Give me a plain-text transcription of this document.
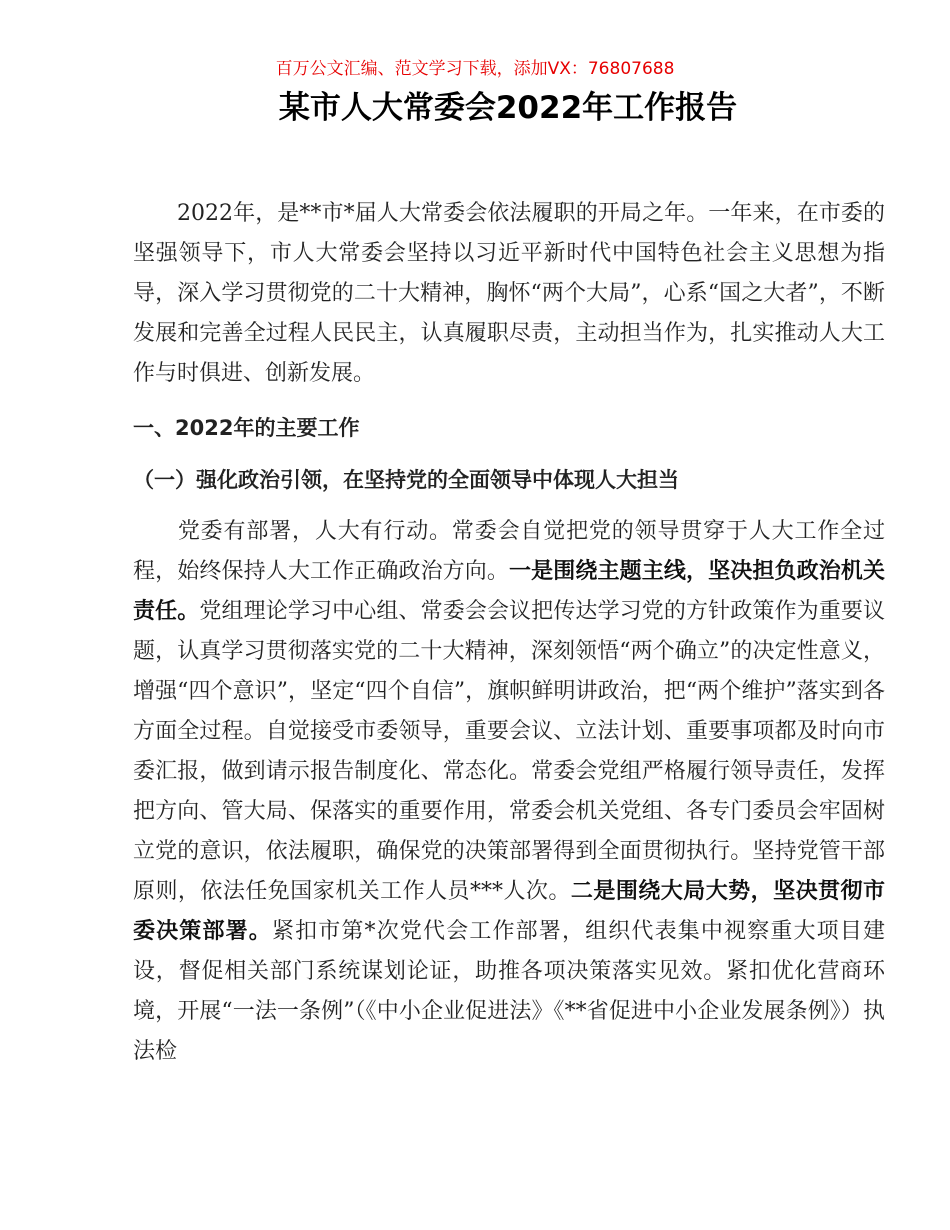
百万公文汇编、范文学习下载，添加VX：76807688
某市人大常委会2022年工作报告
2022年，是**市*届人大常委会依法履职的开局之年。一年来，在市委的坚强领导下，市人大常委会坚持以习近平新时代中国特色社会主义思想为指导，深入学习贯彻党的二十大精神，胸怀“两个大局”，心系“国之大者”，不断发展和完善全过程人民民主，认真履职尽责，主动担当作为，扎实推动人大工作与时俱进、创新发展。
一、2022年的主要工作
（一）强化政治引领，在坚持党的全面领导中体现人大担当
党委有部署，人大有行动。常委会自觉把党的领导贯穿于人大工作全过程，始终保持人大工作正确政治方向。一是围绕主题主线，坚决担负政治机关责任。党组理论学习中心组、常委会会议把传达学习党的方针政策作为重要议题，认真学习贯彻落实党的二十大精神，深刻领悟“两个确立”的决定性意义，增强“四个意识”，坚定“四个自信”，旗帜鲜明讲政治，把“两个维护”落实到各方面全过程。自觉接受市委领导，重要会议、立法计划、重要事项都及时向市委汇报，做到请示报告制度化、常态化。常委会党组严格履行领导责任，发挥把方向、管大局、保落实的重要作用，常委会机关党组、各专门委员会牢固树立党的意识，依法履职，确保党的决策部署得到全面贯彻执行。坚持党管干部原则，依法任免国家机关工作人员***人次。二是围绕大局大势，坚决贯彻市委决策部署。紧扣市第*次党代会工作部署，组织代表集中视察重大项目建设，督促相关部门系统谋划论证，助推各项决策落实见效。紧扣优化营商环境，开展“一法一条例”（《中小企业促进法》《**省促进中小企业发展条例》）执法检
